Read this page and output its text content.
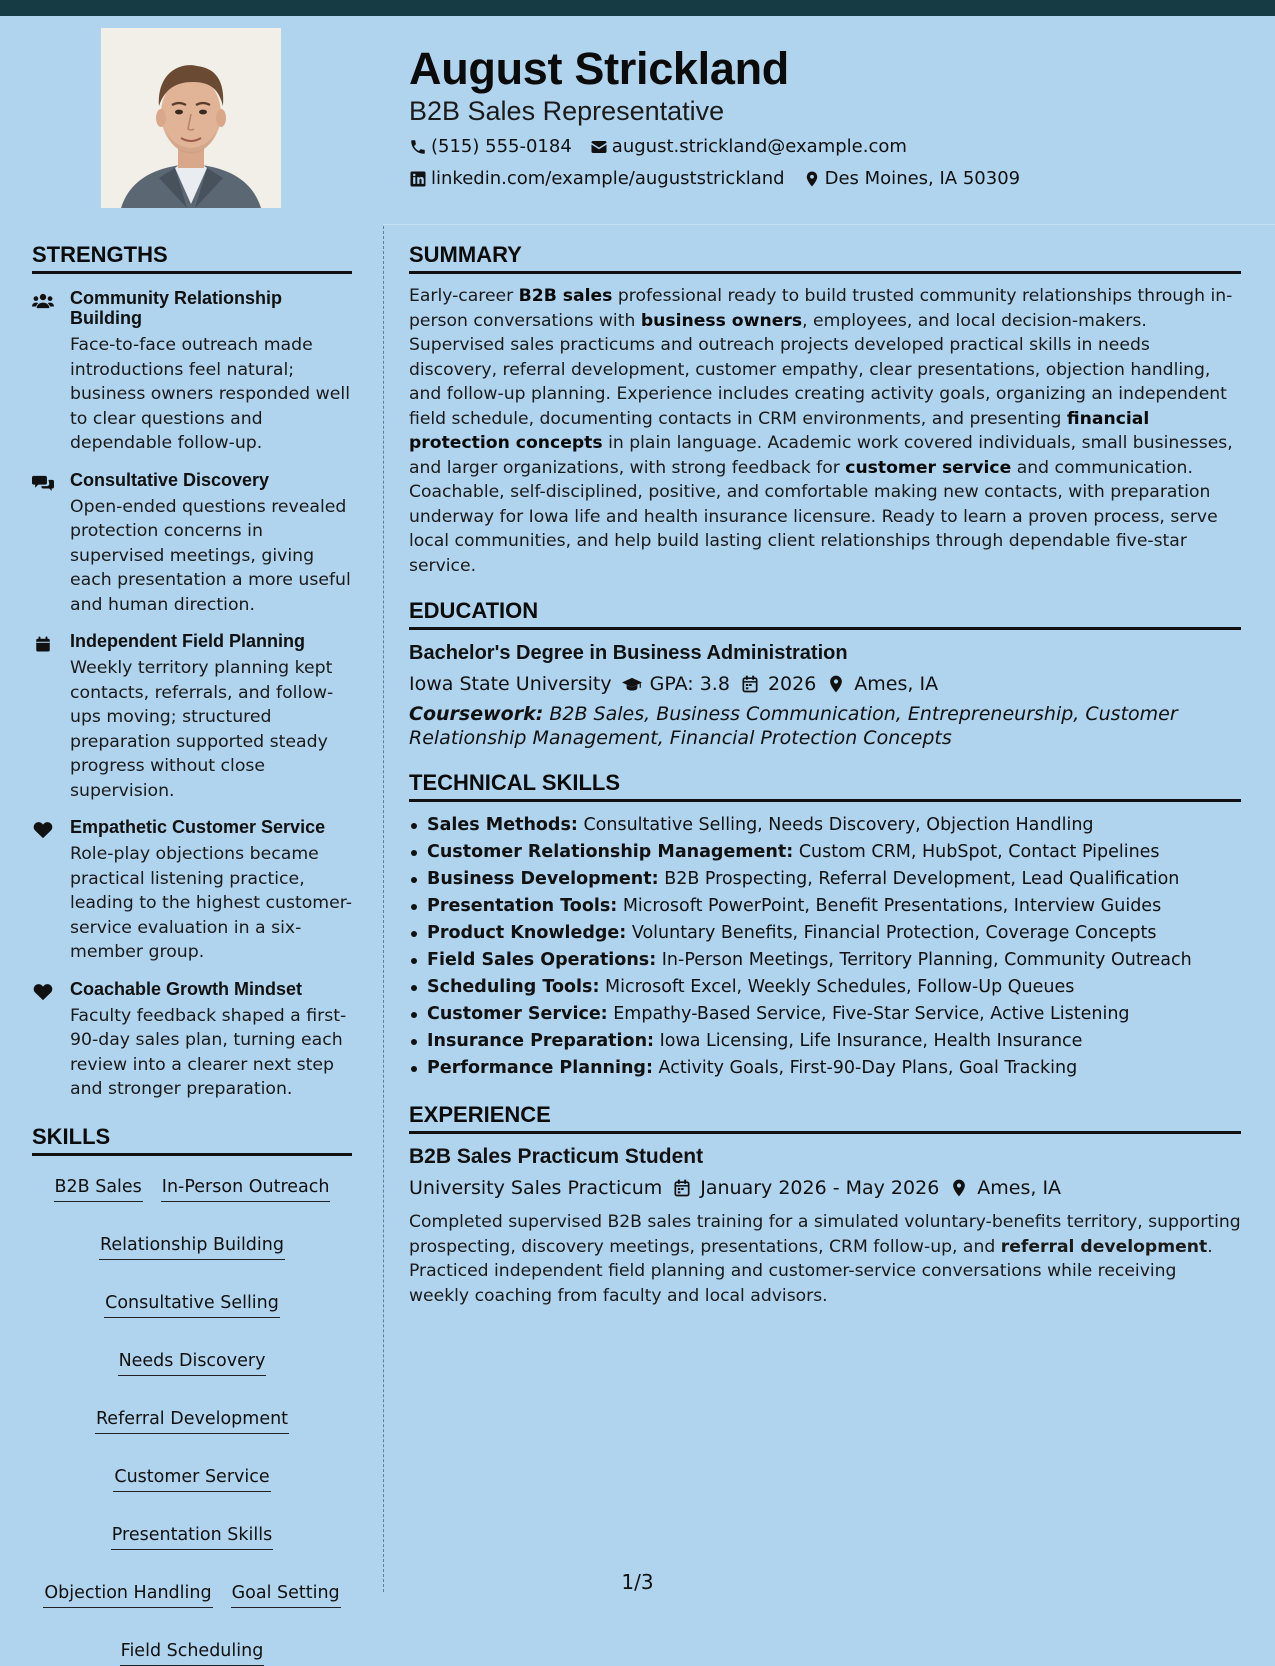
August Strickland
B2B Sales Representative
(515) 555-0184 august.strickland@example.com
linkedin.com/example/auguststrickland Des Moines, IA 50309
STRENGTHS
Community Relationship Building
Face-to-face outreach made introductions feel natural; business owners responded well to clear questions and dependable follow-up.
Consultative Discovery
Open-ended questions revealed protection concerns in supervised meetings, giving each presentation a more useful and human direction.
Independent Field Planning
Weekly territory planning kept contacts, referrals, and follow-ups moving; structured preparation supported steady progress without close supervision.
Empathetic Customer Service
Role-play objections became practical listening practice, leading to the highest customer-service evaluation in a six-member group.
Coachable Growth Mindset
Faculty feedback shaped a first-90-day sales plan, turning each review into a clearer next step and stronger preparation.
SKILLS
B2B Sales In-Person Outreach
Relationship Building
Consultative Selling
Needs Discovery
Referral Development
Customer Service
Presentation Skills
Objection Handling Goal Setting
Field Scheduling
SUMMARY
Early-career B2B sales professional ready to build trusted community relationships through in-person conversations with business owners, employees, and local decision-makers. Supervised sales practicums and outreach projects developed practical skills in needs discovery, referral development, customer empathy, clear presentations, objection handling, and follow-up planning. Experience includes creating activity goals, organizing an independent field schedule, documenting contacts in CRM environments, and presenting financial protection concepts in plain language. Academic work covered individuals, small businesses, and larger organizations, with strong feedback for customer service and communication. Coachable, self-disciplined, positive, and comfortable making new contacts, with preparation underway for Iowa life and health insurance licensure. Ready to learn a proven process, serve local communities, and help build lasting client relationships through dependable five-star service.
EDUCATION
Bachelor's Degree in Business Administration
Iowa State University GPA: 3.8 2026 Ames, IA
Coursework: B2B Sales, Business Communication, Entrepreneurship, Customer Relationship Management, Financial Protection Concepts
TECHNICAL SKILLS
Sales Methods: Consultative Selling, Needs Discovery, Objection Handling
Customer Relationship Management: Custom CRM, HubSpot, Contact Pipelines
Business Development: B2B Prospecting, Referral Development, Lead Qualification
Presentation Tools: Microsoft PowerPoint, Benefit Presentations, Interview Guides
Product Knowledge: Voluntary Benefits, Financial Protection, Coverage Concepts
Field Sales Operations: In-Person Meetings, Territory Planning, Community Outreach
Scheduling Tools: Microsoft Excel, Weekly Schedules, Follow-Up Queues
Customer Service: Empathy-Based Service, Five-Star Service, Active Listening
Insurance Preparation: Iowa Licensing, Life Insurance, Health Insurance
Performance Planning: Activity Goals, First-90-Day Plans, Goal Tracking
EXPERIENCE
B2B Sales Practicum Student
University Sales Practicum January 2026 - May 2026 Ames, IA
Completed supervised B2B sales training for a simulated voluntary-benefits territory, supporting prospecting, discovery meetings, presentations, CRM follow-up, and referral development. Practiced independent field planning and customer-service conversations while receiving weekly coaching from faculty and local advisors.
1/3
